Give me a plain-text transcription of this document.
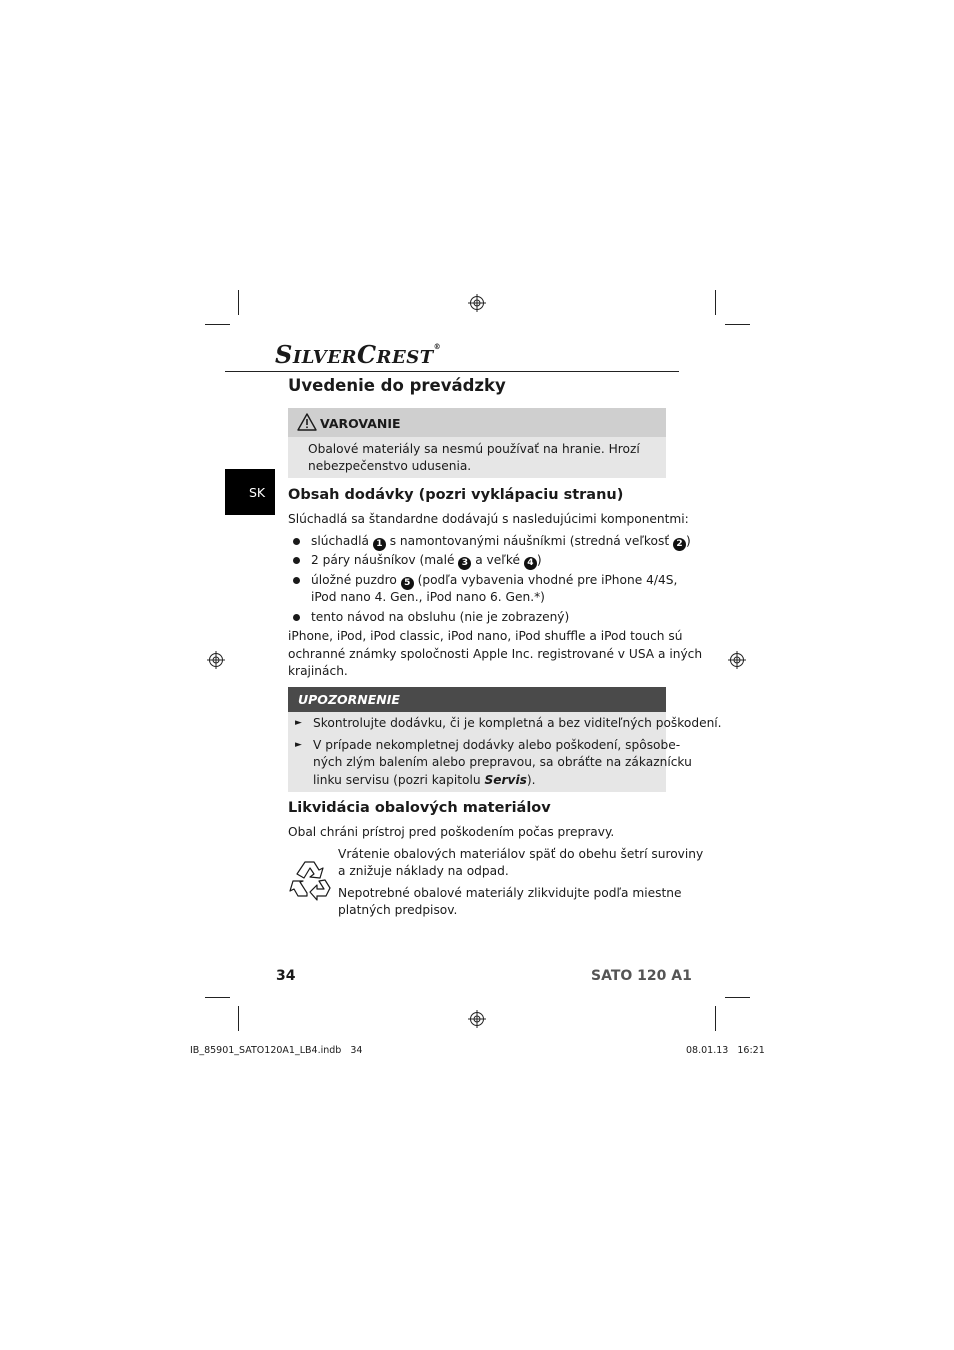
SILVERCREST®
Uvedenie do prevádzky
VAROVANIE
Obalové materiály sa nesmú používať na hranie. Hrozí
nebezpečenstvo udusenia.
SK Obsah dodávky (pozri vyklápaciu stranu)
Slúchadlá sa štandardne dodávajú s nasledujúcimi komponentmi:
slúchadlá 1 s namontovanými náušníkmi (stredná veľkosť 2 )
2 páry náušníkov (malé 3 a veľké 4 )
úložné puzdro 5 (podľa vybavenia vhodné pre iPhone 4/4S,
iPod nano 4. Gen., iPod nano 6. Gen.*)
tento návod na obsluhu (nie je zobrazený)
iPhone, iPod, iPod classic, iPod nano, iPod shuffle a iPod touch sú
ochranné známky spoločnosti Apple Inc. registrované v USA a iných
krajinách.
UPOZORNENIE
► Skontrolujte dodávku, či je kompletná a bez viditeľných poškodení.
► V prípade nekompletnej dodávky alebo poškodení, spôsobe-
ných zlým balením alebo prepravou, sa obráťte na zákaznícku
linku servisu (pozri kapitolu Servis).
Likvidácia obalových materiálov
Obal chráni prístroj pred poškodením počas prepravy.
Vrátenie obalových materiálov späť do obehu šetrí suroviny
a znižuje náklady na odpad.
Nepotrebné obalové materiály zlikvidujte podľa miestne
platných predpisov.
34	SATO 120 A1
IB_85901_SATO120A1_LB4.indb   34	08.01.13   16:21
